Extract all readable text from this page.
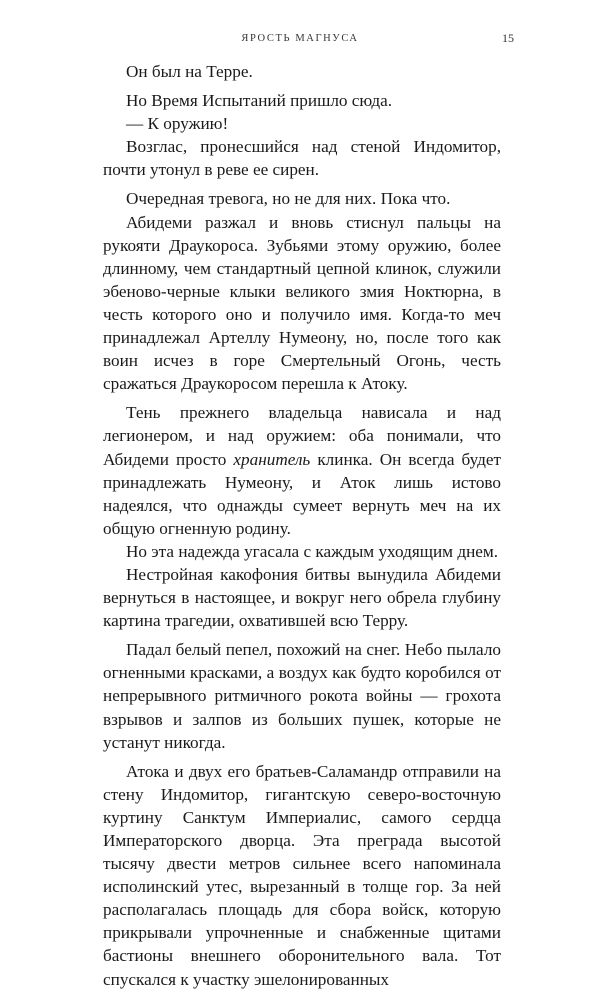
ЯРОСТЬ МАГНУСА	15

Он был на Терре.

Но Время Испытаний пришло сюда.

— К оружию!

Возглас, пронесшийся над стеной Индомитор, почти утонул в реве ее сирен.

Очередная тревога, но не для них. Пока что.

Абидеми разжал и вновь стиснул пальцы на рукояти Драукороса. Зубьями этому оружию, более длинному, чем стандартный цепной клинок, служили эбеново-черные клыки великого змия Ноктюрна, в честь которого оно и получило имя. Когда-то меч принадлежал Артеллу Нумеону, но, после того как воин исчез в горе Смертельный Огонь, честь сражаться Драукоросом перешла к Атоку.

Тень прежнего владельца нависала и над легионером, и над оружием: оба понимали, что Абидеми просто хранитель клинка. Он всегда будет принадлежать Нумеону, и Аток лишь истово надеялся, что однажды сумеет вернуть меч на их общую огненную родину.

Но эта надежда угасала с каждым уходящим днем.

Нестройная какофония битвы вынудила Абидеми вернуться в настоящее, и вокруг него обрела глубину картина трагедии, охватившей всю Терру.

Падал белый пепел, похожий на снег. Небо пылало огненными красками, а воздух как будто коробился от непрерывного ритмичного рокота войны — грохота взрывов и залпов из больших пушек, которые не устанут никогда.

Атока и двух его братьев-Саламандр отправили на стену Индомитор, гигантскую северо-восточную куртину Санктум Империалис, самого сердца Императорского дворца. Эта преграда высотой тысячу двести метров сильнее всего напоминала исполинский утес, вырезанный в толще гор. За ней располагалась площадь для сбора войск, которую прикрывали упрочненные и снабженные щитами бастионы внешнего оборонительного вала. Тот спускался к участку эшелонированных
